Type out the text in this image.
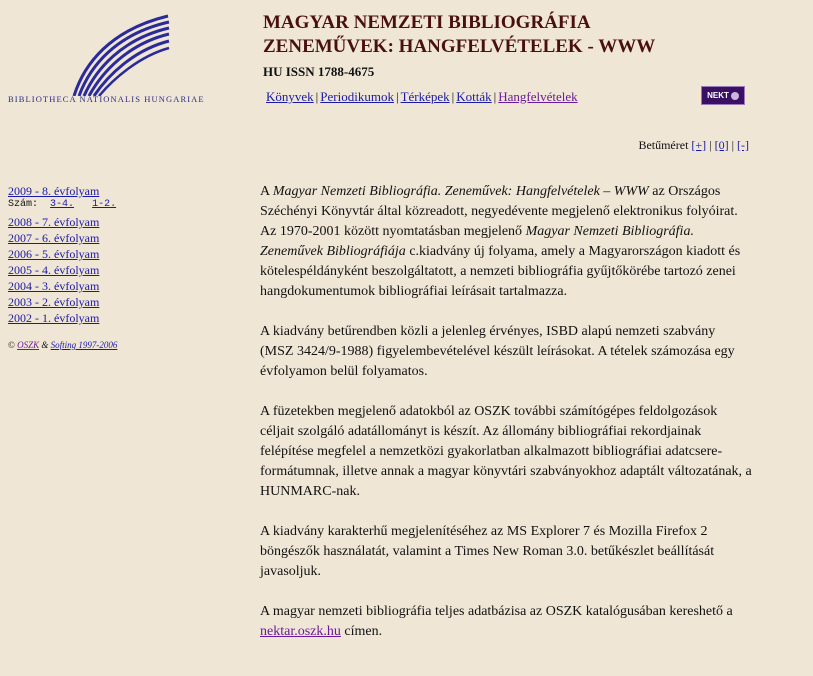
BIBLIOTHECA NATIONALIS HUNGARIAE
MAGYAR NEMZETI BIBLIOGRÁFIA
ZENEMŰVEK: HANGFELVÉTELEK - WWW
HU ISSN 1788-4675
Könyvek | Periodikumok | Térképek | Kották | Hangfelvételek	NEKT
Betűméret [+] | [0] | [-]
2009 - 8. évfolyam
Szám: 3-4. 1-2.
2008 - 7. évfolyam
2007 - 6. évfolyam
2006 - 5. évfolyam
2005 - 4. évfolyam
2004 - 3. évfolyam
2003 - 2. évfolyam
2002 - 1. évfolyam
© OSZK & Softing 1997-2006

A Magyar Nemzeti Bibliográfia. Zeneművek: Hangfelvételek – WWW az Országos Széchényi Könyvtár által közreadott, negyedévente megjelenő elektronikus folyóirat. Az 1970-2001 között nyomtatásban megjelenő Magyar Nemzeti Bibliográfia. Zeneművek Bibliográfiája c.kiadvány új folyama, amely a Magyarországon kiadott és kötelespéldányként beszolgáltatott, a nemzeti bibliográfia gyűjtőkörébe tartozó zenei hangdokumentumok bibliográfiai leírásait tartalmazza.

A kiadvány betűrendben közli a jelenleg érvényes, ISBD alapú nemzeti szabvány (MSZ 3424/9-1988) figyelembevételével készült leírásokat. A tételek számozása egy évfolyamon belül folyamatos.

A füzetekben megjelenő adatokból az OSZK további számítógépes feldolgozások céljait szolgáló adatállományt is készít. Az állomány bibliográfiai rekordjainak felépítése megfelel a nemzetközi gyakorlatban alkalmazott bibliográfiai adatcsere-formátumnak, illetve annak a magyar könyvtári szabványokhoz adaptált változatának, a HUNMARC-nak.

A kiadvány karakterhű megjelenítéséhez az MS Explorer 7 és Mozilla Firefox 2 böngészők használatát, valamint a Times New Roman 3.0. betűkészlet beállítását javasoljuk.

A magyar nemzeti bibliográfia teljes adatbázisa az OSZK katalógusában kereshető a nektar.oszk.hu címen.
